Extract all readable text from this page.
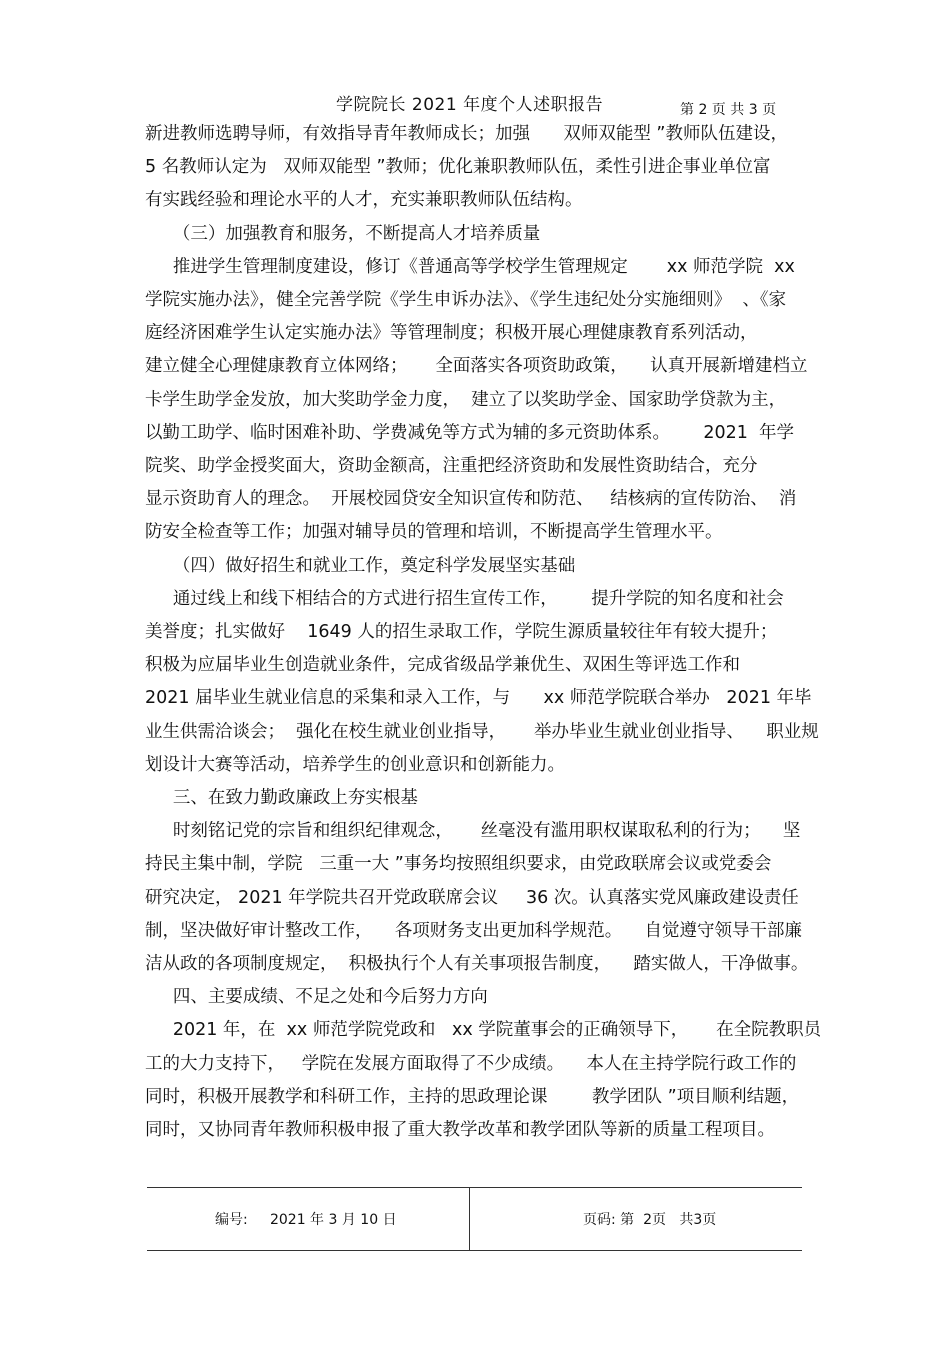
学院院长 2021 年度个人述职报告	第 2 页 共 3 页
新进教师选聘导师，有效指导青年教师成长；加强      双师双能型 ”教师队伍建设，
5 名教师认定为   双师双能型 ”教师；优化兼职教师队伍，柔性引进企事业单位富
有实践经验和理论水平的人才，充实兼职教师队伍结构。
（三）加强教育和服务，不断提高人才培养质量
推进学生管理制度建设，修订《普通高等学校学生管理规定       xx 师范学院  xx
学院实施办法》，健全完善学院《学生申诉办法》、《学生违纪处分实施细则》  、《家
庭经济困难学生认定实施办法》等管理制度；积极开展心理健康教育系列活动，
建立健全心理健康教育立体网络；     全面落实各项资助政策，    认真开展新增建档立
卡学生助学金发放，加大奖助学金力度，  建立了以奖助学金、国家助学贷款为主，
以勤工助学、临时困难补助、学费减免等方式为辅的多元资助体系。      2021  年学
院奖、助学金授奖面大，资助金额高，注重把经济资助和发展性资助结合，充分
显示资助育人的理念。  开展校园贷安全知识宣传和防范、   结核病的宣传防治、  消
防安全检查等工作；加强对辅导员的管理和培训，不断提高学生管理水平。
（四）做好招生和就业工作，奠定科学发展坚实基础
通过线上和线下相结合的方式进行招生宣传工作，      提升学院的知名度和社会
美誉度；扎实做好    1649 人的招生录取工作，学院生源质量较往年有较大提升；
积极为应届毕业生创造就业条件，完成省级品学兼优生、双困生等评选工作和
2021 届毕业生就业信息的采集和录入工作，与      xx 师范学院联合举办   2021 年毕
业生供需洽谈会；  强化在校生就业创业指导，     举办毕业生就业创业指导、    职业规
划设计大赛等活动，培养学生的创业意识和创新能力。
三、在致力勤政廉政上夯实根基
时刻铭记党的宗旨和组织纪律观念，     丝毫没有滥用职权谋取私利的行为；    坚
持民主集中制，学院   三重一大 ”事务均按照组织要求，由党政联席会议或党委会
研究决定， 2021 年学院共召开党政联席会议     36 次。认真落实党风廉政建设责任
制，坚决做好审计整改工作，    各项财务支出更加科学规范。    自觉遵守领导干部廉
洁从政的各项制度规定，  积极执行个人有关事项报告制度，    踏实做人，干净做事。
四、主要成绩、不足之处和今后努力方向
2021 年，在  xx 师范学院党政和   xx 学院董事会的正确领导下，     在全院教职员
工的大力支持下，   学院在发展方面取得了不少成绩。    本人在主持学院行政工作的
同时，积极开展教学和科研工作，主持的思政理论课        教学团队 ”项目顺利结题，
同时，又协同青年教师积极申报了重大教学改革和教学团队等新的质量工程项目。
编号:     2021 年 3 月 10 日	页码: 第  2页   共3页
